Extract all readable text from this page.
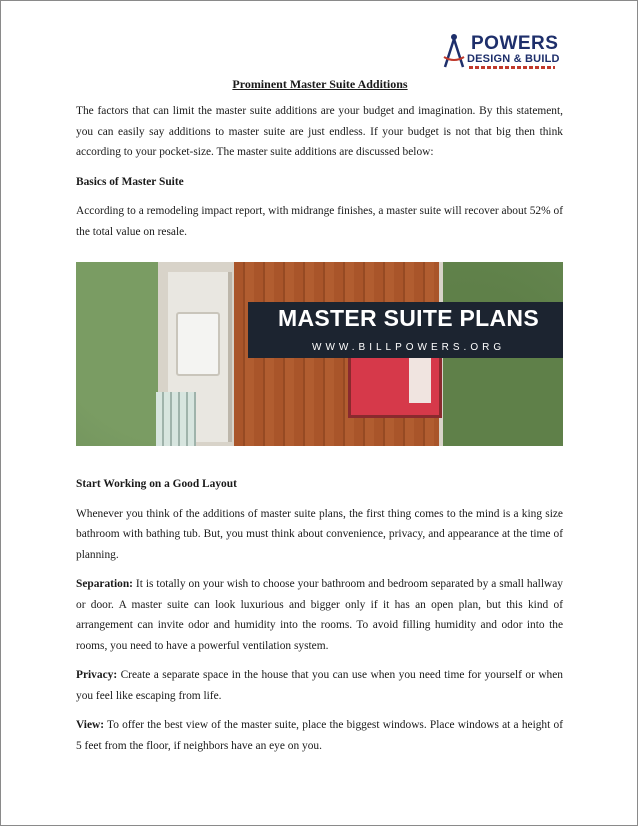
POWERS
DESIGN & BUILD
Prominent Master Suite Additions

The factors that can limit the master suite additions are your budget and imagination. By this statement, you can easily say additions to master suite are just endless. If your budget is not that big then think according to your pocket-size. The master suite additions are discussed below:

Basics of Master Suite

According to a remodeling impact report, with midrange finishes, a master suite will recover about 52% of the total value on resale.

MASTER SUITE PLANS
WWW.BILLPOWERS.ORG
Start Working on a Good Layout

Whenever you think of the additions of master suite plans, the first thing comes to the mind is a king size bathroom with bathing tub. But, you must think about convenience, privacy, and appearance at the time of planning.

Separation: It is totally on your wish to choose your bathroom and bedroom separated by a small hallway or door. A master suite can look luxurious and bigger only if it has an open plan, but this kind of arrangement can invite odor and humidity into the rooms. To avoid filling humidity and odor into the rooms, you need to have a powerful ventilation system.

Privacy: Create a separate space in the house that you can use when you need time for yourself or when you feel like escaping from life.

View: To offer the best view of the master suite, place the biggest windows. Place windows at a height of 5 feet from the floor, if neighbors have an eye on you.
